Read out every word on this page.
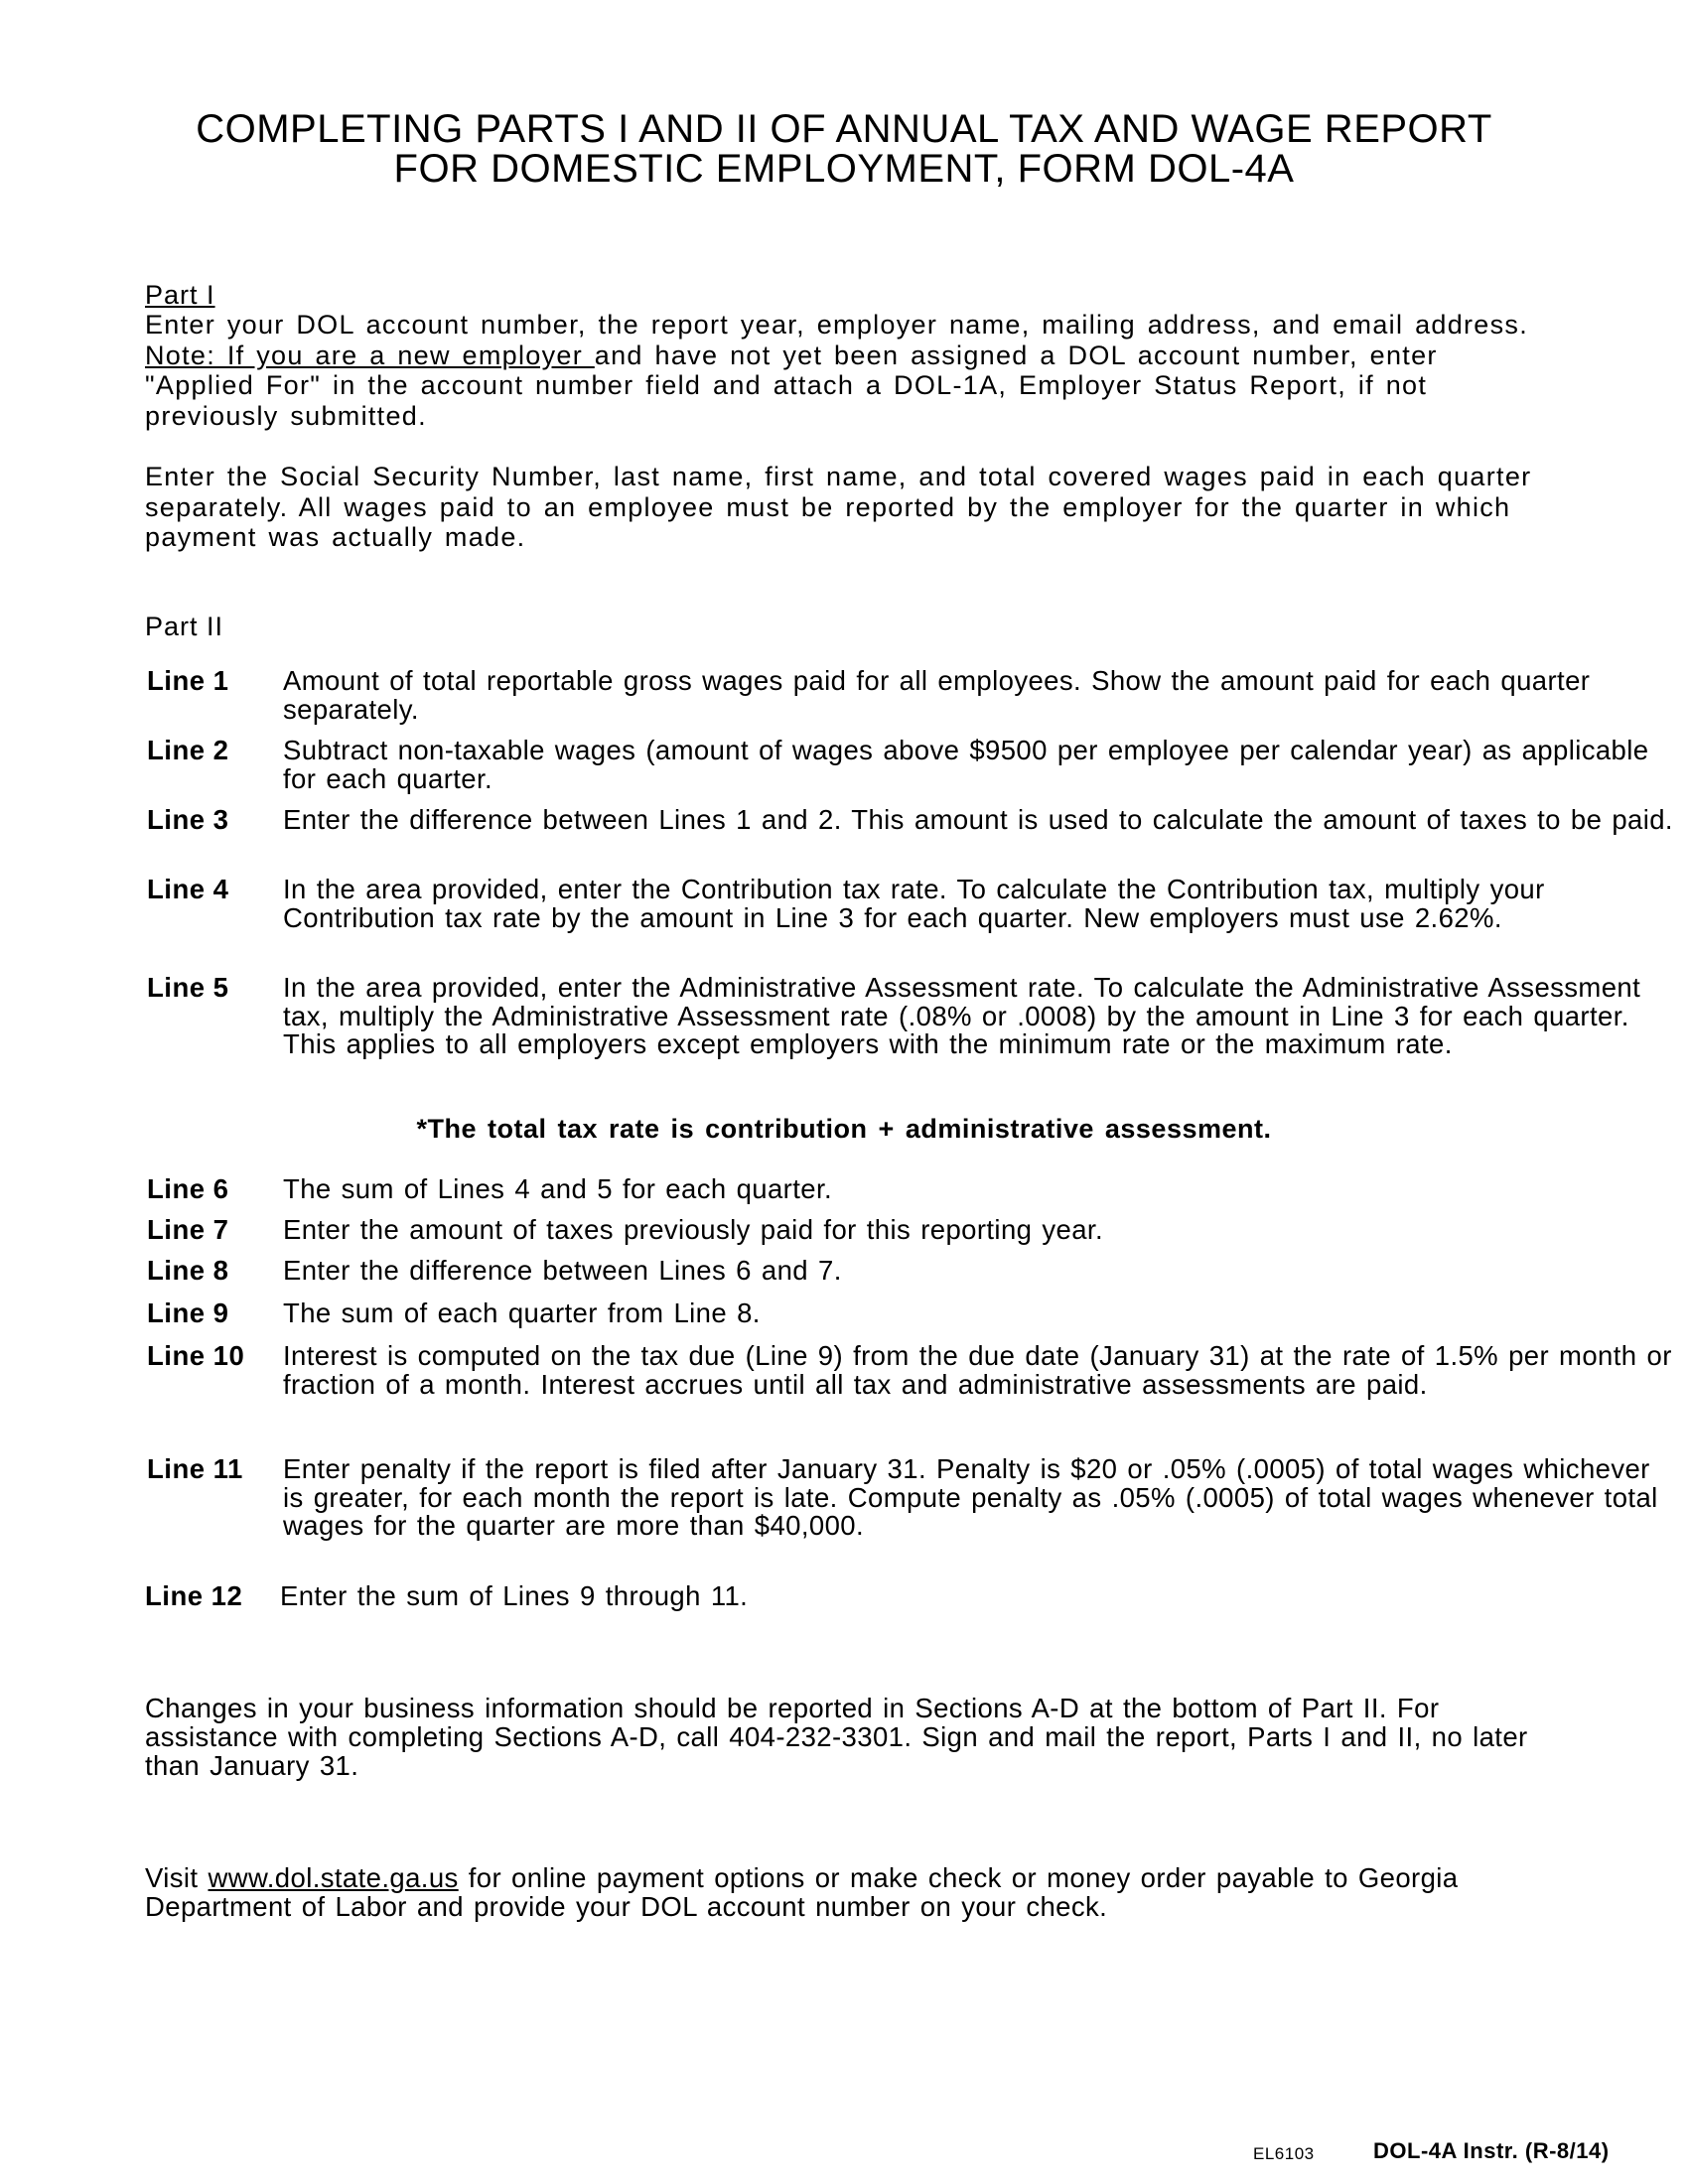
COMPLETING PARTS I AND II OF ANNUAL TAX AND WAGE REPORT
FOR DOMESTIC EMPLOYMENT, FORM DOL-4A
Part I
Enter your DOL account number, the report year, employer name, mailing address, and email address. Note: If you are a new employer and have not yet been assigned a DOL account number, enter "Applied For" in the account number field and attach a DOL-1A, Employer Status Report, if not previously submitted.
Enter the Social Security Number, last name, first name, and total covered wages paid in each quarter separately. All wages paid to an employee must be reported by the employer for the quarter in which payment was actually made.
Part II
Line 1	Amount of total reportable gross wages paid for all employees. Show the amount paid for each quarter separately.
Line 2	Subtract non-taxable wages (amount of wages above $9500 per employee per calendar year) as applicable for each quarter.
Line 3	Enter the difference between Lines 1 and 2. This amount is used to calculate the amount of taxes to be paid.
Line 4	In the area provided, enter the Contribution tax rate. To calculate the Contribution tax, multiply your Contribution tax rate by the amount in Line 3 for each quarter. New employers must use 2.62%.
Line 5	In the area provided, enter the Administrative Assessment rate. To calculate the Administrative Assessment tax, multiply the Administrative Assessment rate (.08% or .0008) by the amount in Line 3 for each quarter. This applies to all employers except employers with the minimum rate or the maximum rate.
*The total tax rate is contribution + administrative assessment.
Line 6	The sum of Lines 4 and 5 for each quarter.
Line 7	Enter the amount of taxes previously paid for this reporting year.
Line 8	Enter the difference between Lines 6 and 7.
Line 9	The sum of each quarter from Line 8.
Line 10	Interest is computed on the tax due (Line 9) from the due date (January 31) at the rate of 1.5% per month or fraction of a month. Interest accrues until all tax and administrative assessments are paid.
Line 11	Enter penalty if the report is filed after January 31. Penalty is $20 or .05% (.0005) of total wages whichever is greater, for each month the report is late. Compute penalty as .05% (.0005) of total wages whenever total wages for the quarter are more than $40,000.
Line 12	Enter the sum of Lines 9 through 11.
Changes in your business information should be reported in Sections A-D at the bottom of Part II. For assistance with completing Sections A-D, call 404-232-3301. Sign and mail the report, Parts I and II, no later than January 31.
Visit www.dol.state.ga.us for online payment options or make check or money order payable to Georgia Department of Labor and provide your DOL account number on your check.
EL6103	DOL-4A Instr. (R-8/14)
